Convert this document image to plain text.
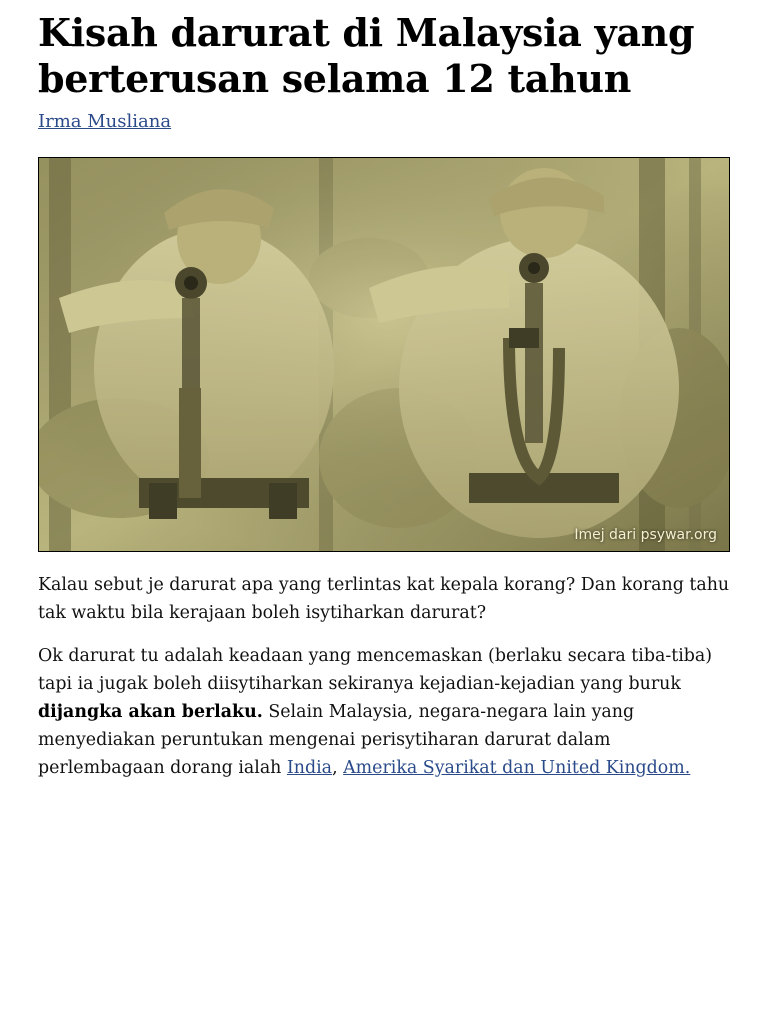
Kisah darurat di Malaysia yang berterusan selama 12 tahun
Irma Musliana
Imej dari psywar.org

Kalau sebut je darurat apa yang terlintas kat kepala korang? Dan korang tahu tak waktu bila kerajaan boleh isytiharkan darurat?

Ok darurat tu adalah keadaan yang mencemaskan (berlaku secara tiba-tiba) tapi ia jugak boleh diisytiharkan sekiranya kejadian-kejadian yang buruk dijangka akan berlaku. Selain Malaysia, negara-negara lain yang menyediakan peruntukan mengenai perisytiharan darurat dalam perlembagaan dorang ialah India, Amerika Syarikat dan United Kingdom.
